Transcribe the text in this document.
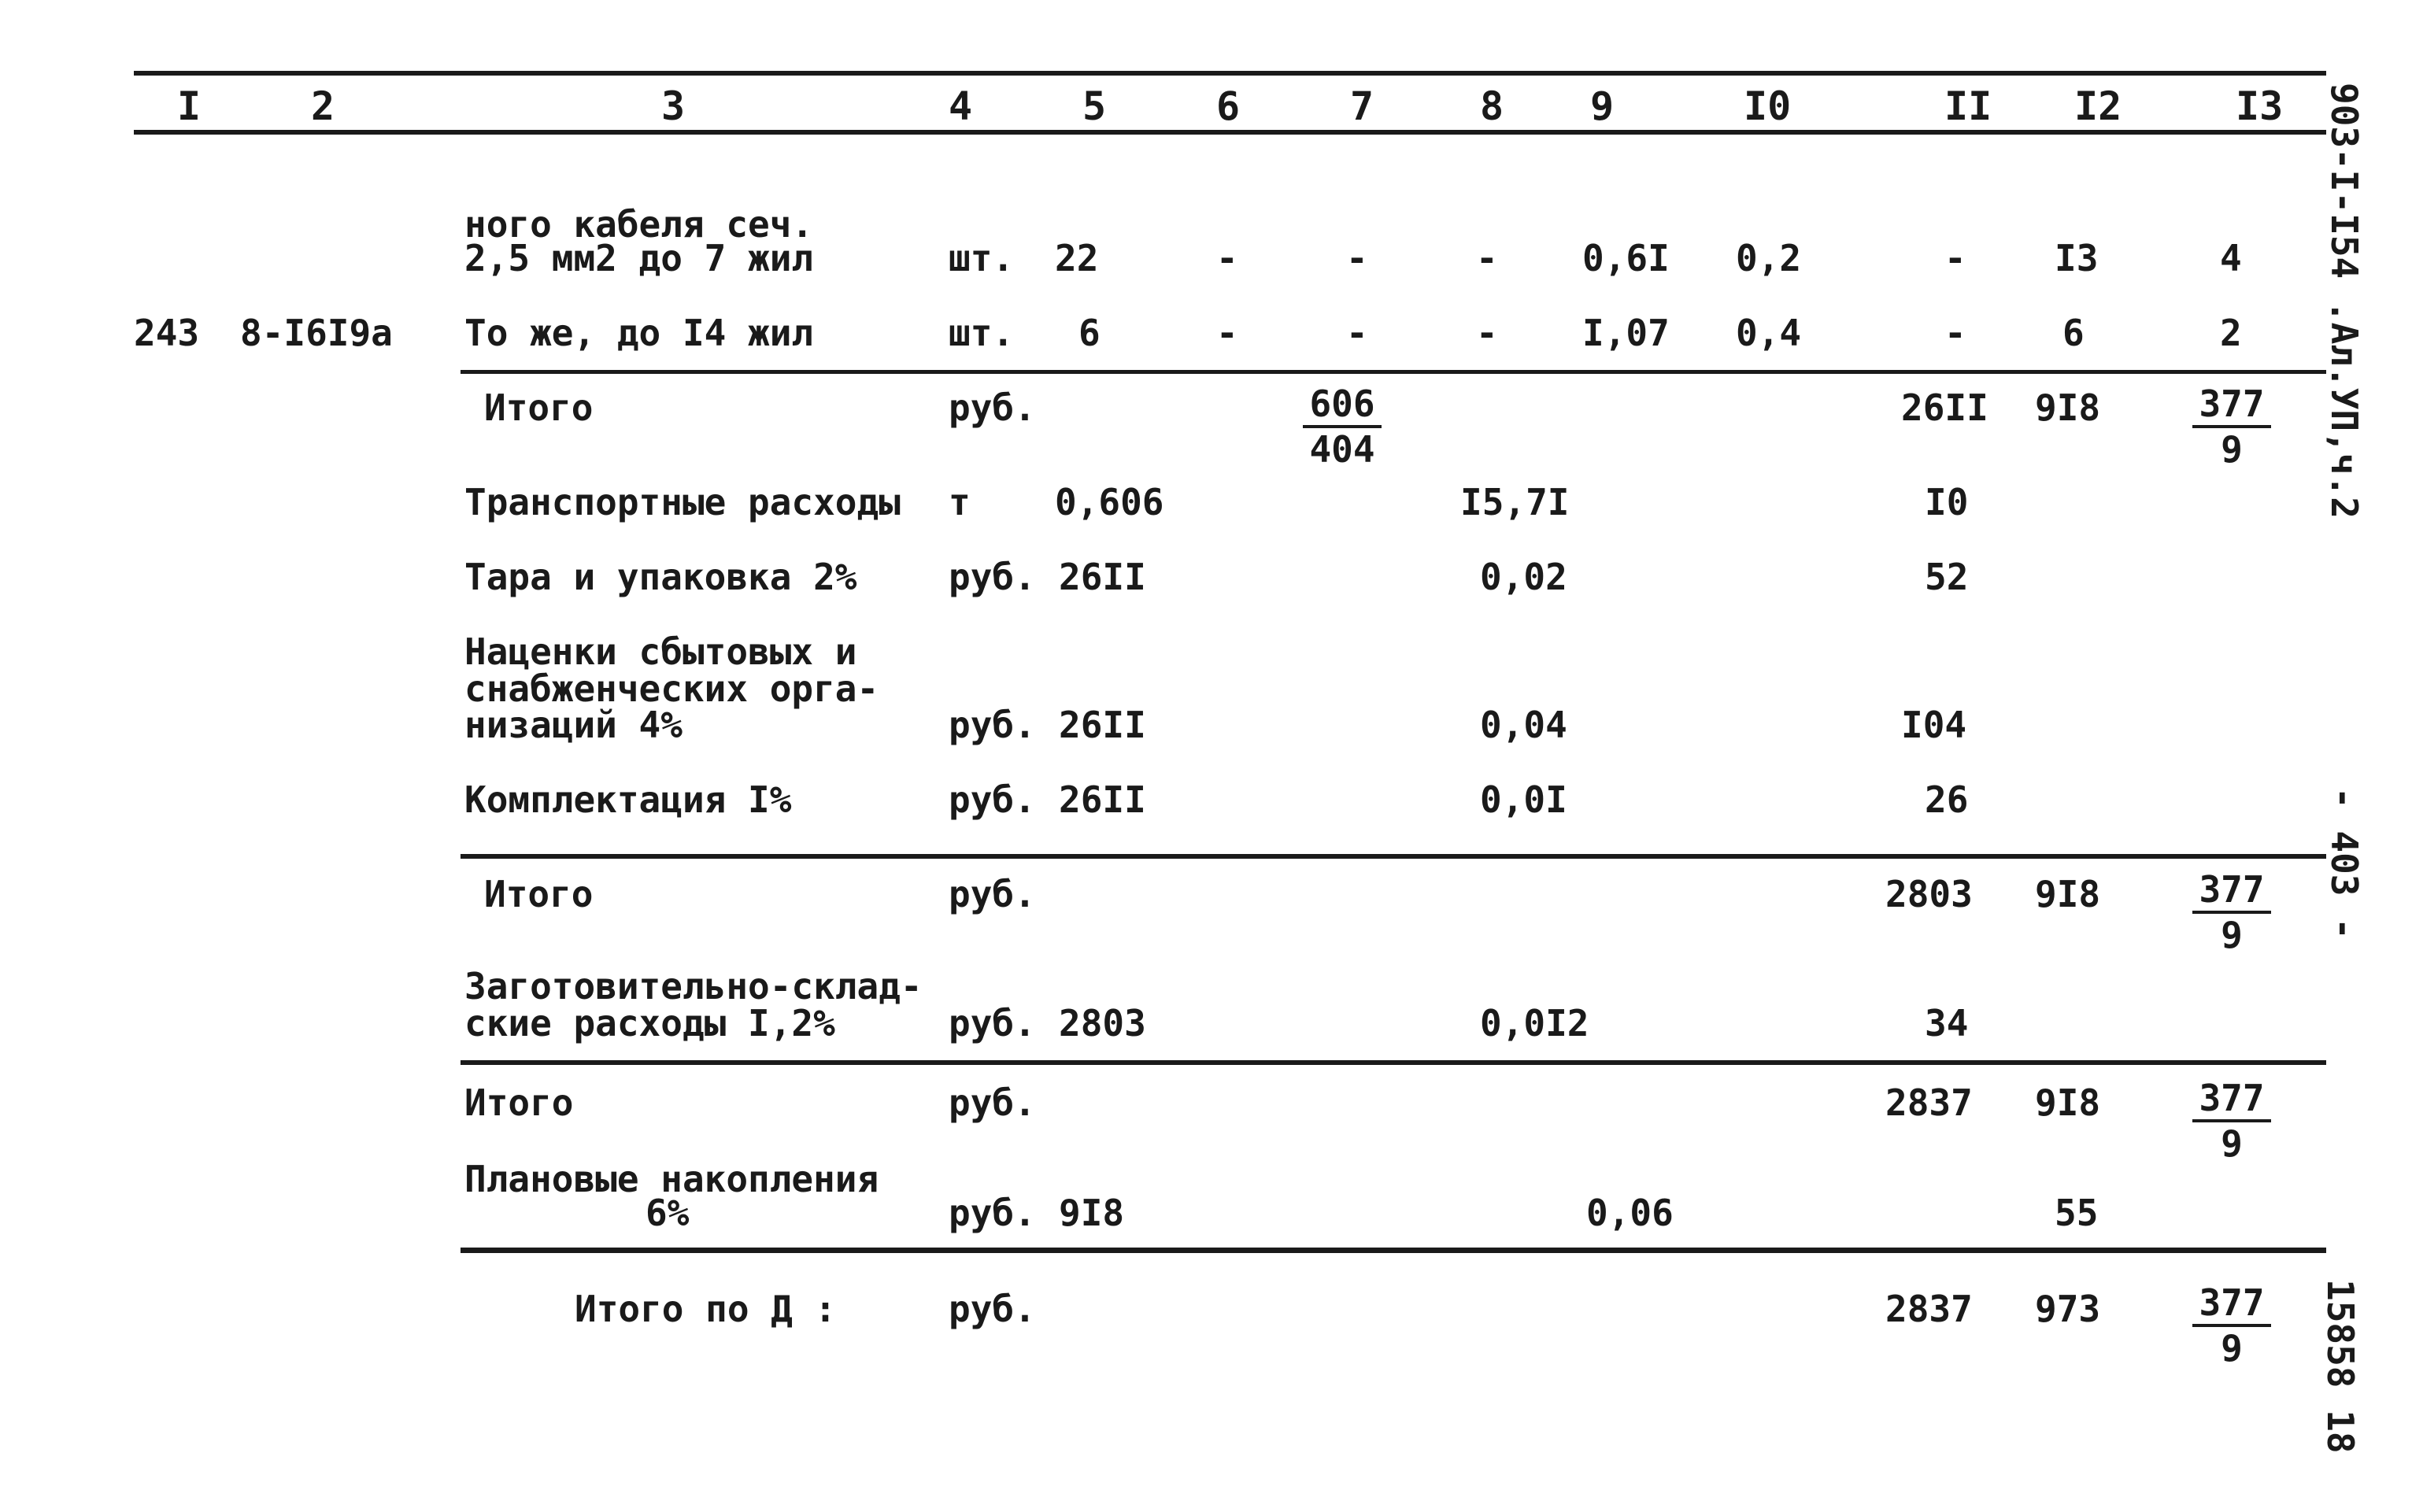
I	2	3	4	5	6	7	8 9	I0	II I2	I3
ного кабеля сеч.
2,5 мм2 до 7 жил	шт. 22	-	-	- 0,6I 0,2	- I3	4
243 8-I6I9a То же, до I4 жил	шт. 6	-	-	- I,07 0,4	-	6	2
Итого	руб.	$\frac{606}{404}$	26II 9I8	$\frac{377}{9}$
Транспортные расходы т 0,606	I5,7I	I0
Тара и упаковка 2%	руб. 26II	0,02	52
Наценки сбытовых и
снабженческих орга-
низаций 4%	руб. 26II	0,04	I04
Комплектация I%	руб. 26II	0,0I	26
Итого	руб.	2803 9I8	$\frac{377}{9}$
Заготовительно-склад-
ские расходы I,2%	руб. 2803	0,0I2	34
Итого	руб.	2837 9I8	$\frac{377}{9}$
Плановые накопления
6%	руб. 9I8	0,06	55
Итого по Д :	руб.	2837 973	$\frac{377}{9}$
903-I-I54 .Ал.УП,ч.2
- 403 -
15858 18
